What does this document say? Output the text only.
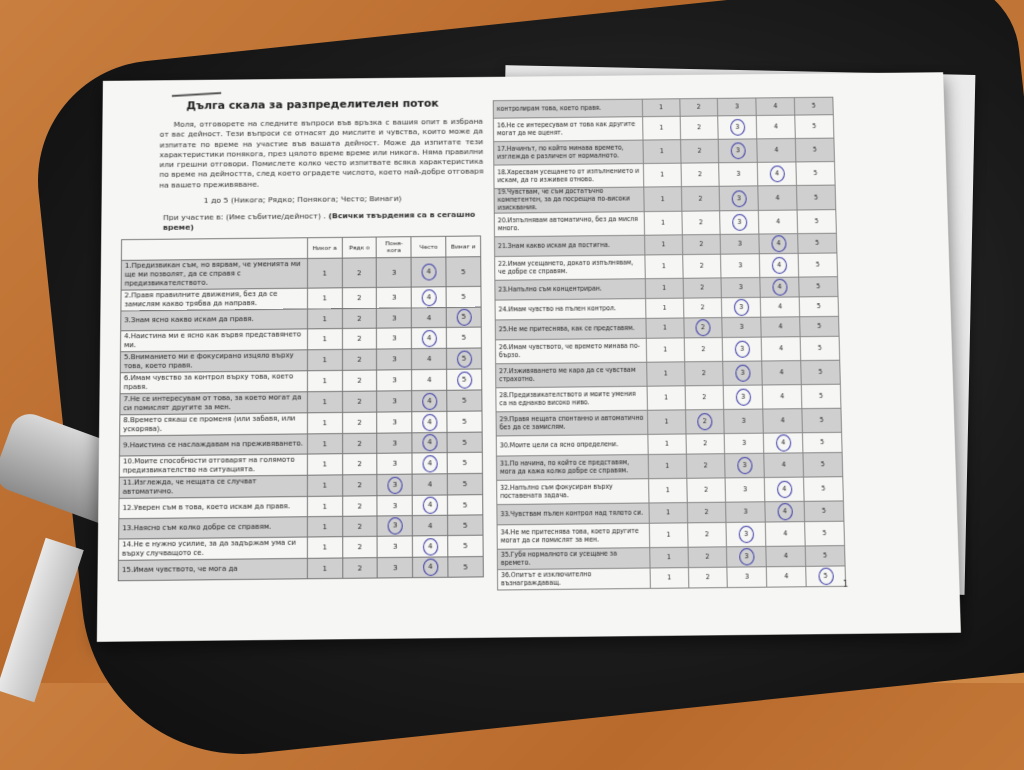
Дълга скала за разпределителен поток
Моля, отговорете на следните въпроси във връзка с вашия опит в избрана от вас дейност. Тези въпроси се отнасят до мислите и чувства, които може да изпитате по време на участие във вашата дейност. Може да изпитате тези характеристики понякога, през цялото време време или никога. Няма правилни или грешни отговори. Помислете колко често изпитвате всяка характеристика по време на дейността, след което оградете числото, което най-добре отговаря на вашето преживяване.
1 до 5 (Никога; Рядко; Понякога; Често; Винаги)
При участие в: (Име събитие/дейност) . (Всички твърдения са в сегашно време)
	Никог а	Рядк о	Поня- кога	Често	Винаг и
1.Предизвикан съм, но вярвам, че уменията ми ще ми позволят, да се справя с предизвикателството.	1	2	3	4	5
2.Правя правилните движения, без да се замислям какво трябва да направя.	1	2	3	4	5
3.Знам ясно какво искам да правя.	1	2	3	4	5
4.Наистина ми е ясно как вървя представянето ми.	1	2	3	4	5
5.Вниманието ми е фокусирано изцяло върху това, което правя.	1	2	3	4	5
6.Имам чувство за контрол върху това, което правя.	1	2	3	4	5
7.Не се интересувам от това, за което могат да си помислят другите за мен.	1	2	3	4	5
8.Времето сякаш се променя (или забавя, или ускорява).	1	2	3	4	5
9.Наистина се наслаждавам на преживяването.	1	2	3	4	5
10.Моите способности отговарят на голямото предизвикателство на ситуацията.	1	2	3	4	5
11.Изглежда, че нещата се случват автоматично.	1	2	3	4	5
12.Уверен съм в това, което искам да правя.	1	2	3	4	5
13.Наясно съм колко добре се справям.	1	2	3	4	5
14.Не е нужно усилие, за да задържам ума си върху случващото се.	1	2	3	4	5
15.Имам чувството, че мога да	1	2	3	4	5
контролирам това, което правя.	1	2	3	4	5
16.Не се интересувам от това как другите могат да ме оценят.	1	2	3	4	5
17.Начинът, по който минава времето, изглежда е различен от нормалното.	1	2	3	4	5
18.Харесвам усещането от изпълнението и искам, да го изживея отново.	1	2	3	4	5
19.Чувствам, че съм достатъчно компетентен, за да посрещна по-високи изисквания.	1	2	3	4	5
20.Изпълнявам автоматично, без да мисля много.	1	2	3	4	5
21.Знам какво искам да постигна.	1	2	3	4	5
22.Имам усещането, докато изпълнявам, че добре се справям.	1	2	3	4	5
23.Напълно съм концентриран.	1	2	3	4	5
24.Имам чувство на пълен контрол.	1	2	3	4	5
25.Не ме притеснява, как се представям.	1	2	3	4	5
26.Имам чувството, че времето минава по-бързо.	1	2	3	4	5
27.Изживяването ме кара да се чувствам страхотно.	1	2	3	4	5
28.Предизвикателството и моите умения са на еднакво високо ниво.	1	2	3	4	5
29.Правя нещата спонтанно и автоматично без да се замислям.	1	2	3	4	5
30.Моите цели са ясно определени.	1	2	3	4	5
31.По начина, по който се представям, мога да кажа колко добре се справям.	1	2	3	4	5
32.Напълно съм фокусиран върху поставената задача.	1	2	3	4	5
33.Чувствам пълен контрол над тялото си.	1	2	3	4	5
34.Не ме притеснява това, което другите могат да си помислят за мен.	1	2	3	4	5
35.Губя нормалното си усещане за времето.	1	2	3	4	5
36.Опитът е изключително възнаграждаващ.	1	2	3	4	5
1
